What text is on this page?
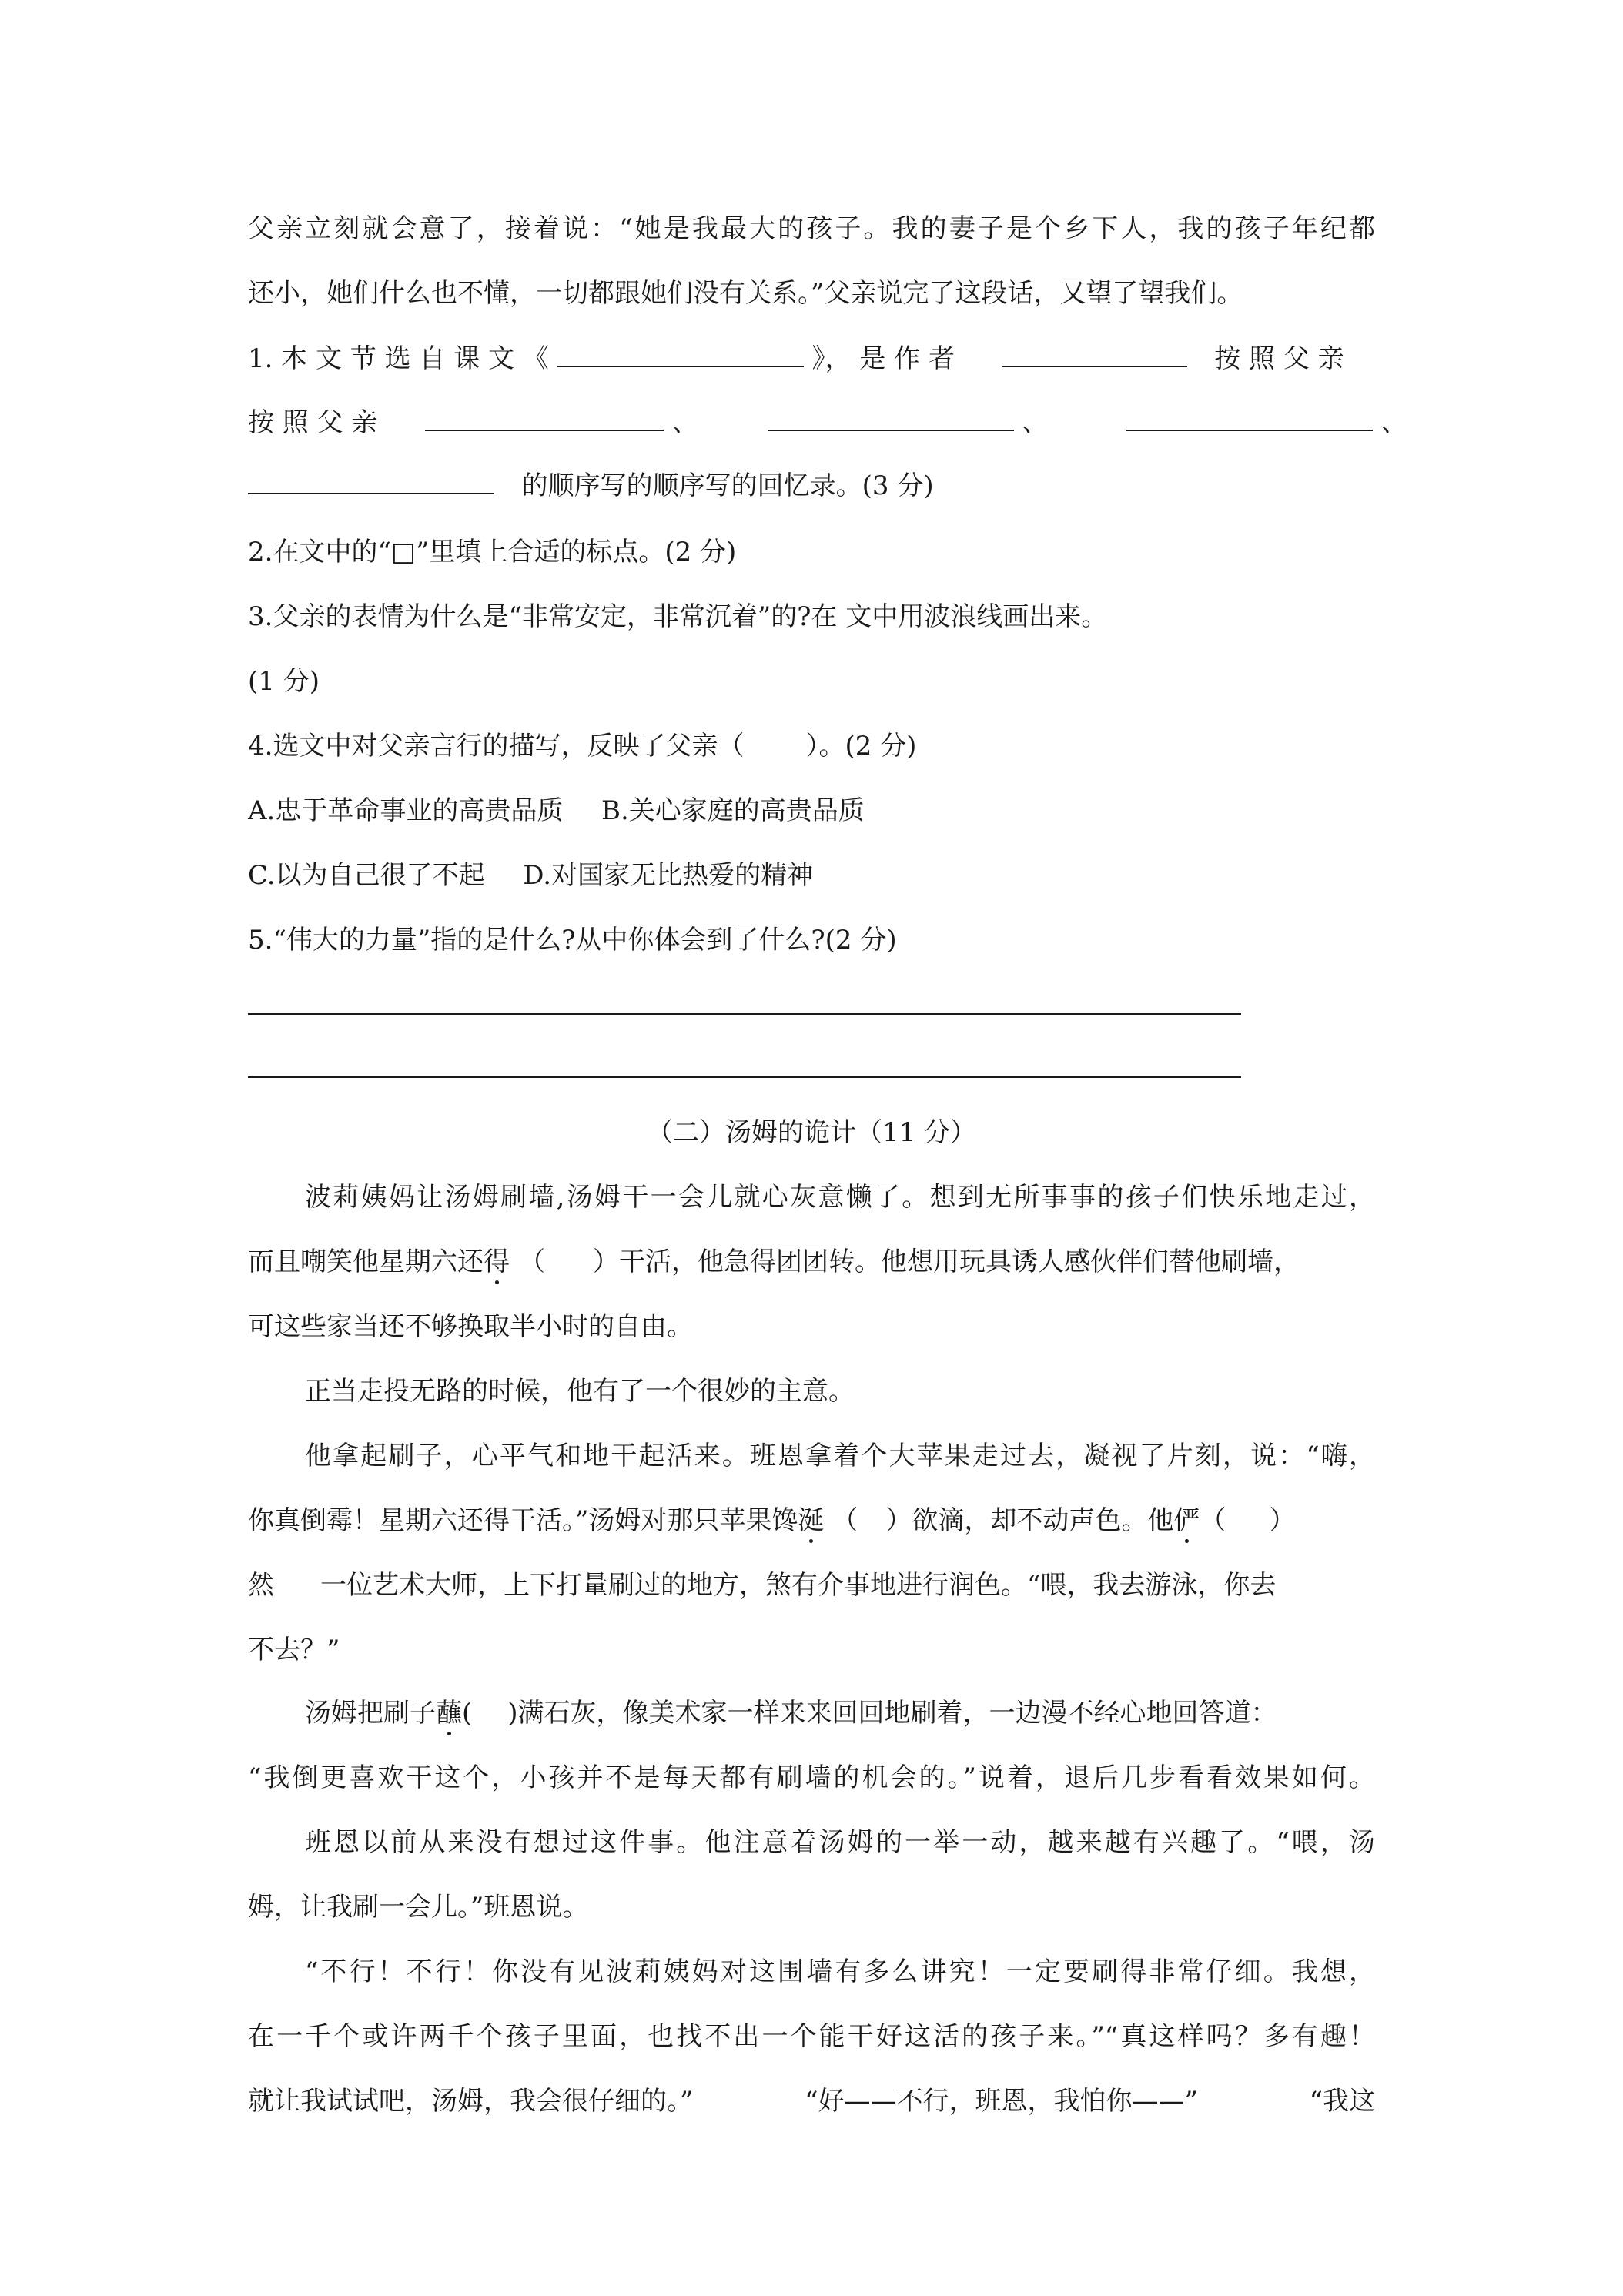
父亲立刻就会意了，接着说：“她是我最大的孩子。我的妻子是个乡下人，我的孩子年纪都
还小，她们什么也不懂，一切都跟她们没有关系。”父亲说完了这段话，又望了望我们。
1. 本 文 节 选 自 课 文 《	》， 是 作 者	按 照 父 亲
按 照 父 亲	、	、	、
的顺序写的顺序写的回忆录。(3 分)
2.在文中的“□”里填上合适的标点。(2 分)
3.父亲的表情为什么是“非常安定，非常沉着”的?在 文中用波浪线画出来。
(1 分)
4.选文中对父亲言行的描写，反映了父亲（ ）。(2 分)
A.忠于革命事业的高贵品质 B.关心家庭的高贵品质
C.以为自己很了不起 D.对国家无比热爱的精神
5.“伟大的力量”指的是什么?从中你体会到了什么?(2 分)
（二）汤姆的诡计（11 分）
波莉姨妈让汤姆刷墙,汤姆干一会儿就心灰意懒了。想到无所事事的孩子们快乐地走过，
而且嘲笑他星期六还得 （ ）干活，他急得团团转。他想用玩具诱人感伙伴们替他刷墙，
可这些家当还不够换取半小时的自由。
正当走投无路的时候，他有了一个很妙的主意。
他拿起刷子，心平气和地干起活来。班恩拿着个大苹果走过去，凝视了片刻，说：“嗨，
你真倒霉！星期六还得干活。”汤姆对那只苹果馋涎 （ ）欲滴，却不动声色。他俨（ ）
然 一位艺术大师，上下打量刷过的地方，煞有介事地进行润色。“喂，我去游泳，你去
不去？”
汤姆把刷子蘸( )满石灰，像美术家一样来来回回地刷着，一边漫不经心地回答道：
“我倒更喜欢干这个，小孩并不是每天都有刷墙的机会的。”说着，退后几步看看效果如何。
班恩以前从来没有想过这件事。他注意着汤姆的一举一动，越来越有兴趣了。“喂，汤
姆，让我刷一会儿。”班恩说。
“不行！不行！你没有见波莉姨妈对这围墙有多么讲究！一定要刷得非常仔细。我想，
在一千个或许两千个孩子里面，也找不出一个能干好这活的孩子来。”“真这样吗？多有趣！
就让我试试吧，汤姆，我会很仔细的。”	“好——不行，班恩，我怕你——”	“我这
